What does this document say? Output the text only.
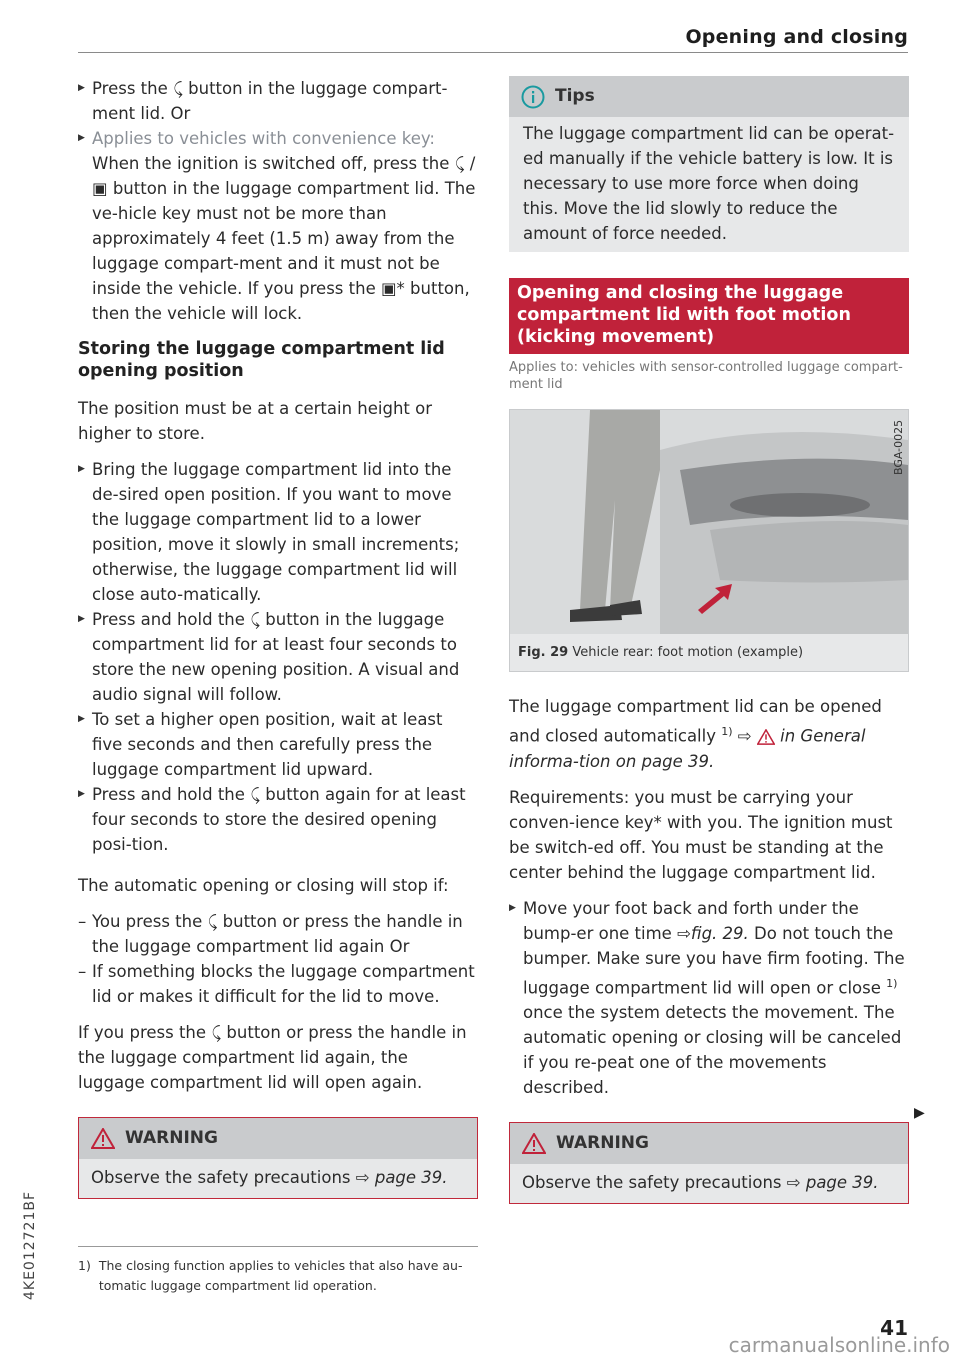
Opening and closing
▶ Press the ⤹ button in the luggage compart-ment lid. Or
▶ Applies to vehicles with convenience key: When the ignition is switched off, press the ⤹ / ▣ button in the luggage compartment lid. The ve-hicle key must not be more than approximately 4 feet (1.5 m) away from the luggage compart-ment and it must not be inside the vehicle. If you press the ▣* button, then the vehicle will lock.
Storing the luggage compartment lid opening position

The position must be at a certain height or higher to store.

▶ Bring the luggage compartment lid into the de-sired open position. If you want to move the luggage compartment lid to a lower position, move it slowly in small increments; otherwise, the luggage compartment lid will close auto-matically.
▶ Press and hold the ⤹ button in the luggage compartment lid for at least four seconds to store the new opening position. A visual and audio signal will follow.
▶ To set a higher open position, wait at least five seconds and then carefully press the luggage compartment lid upward.
▶ Press and hold the ⤹ button again for at least four seconds to store the desired opening posi-tion.

The automatic opening or closing will stop if:

– You press the ⤹ button or press the handle in the luggage compartment lid again Or
– If something blocks the luggage compartment lid or makes it difficult for the lid to move.

If you press the ⤹ button or press the handle in the luggage compartment lid again, the luggage compartment lid will open again.

WARNING
Observe the safety precautions ⇨ page 39.
1) The closing function applies to vehicles that also have au-tomatic luggage compartment lid operation.
Tips
The luggage compartment lid can be operat-ed manually if the vehicle battery is low. It is necessary to use more force when doing this. Move the lid slowly to reduce the amount of force needed.
Opening and closing the luggage compartment lid with foot motion (kicking movement)
Applies to: vehicles with sensor-controlled luggage compart-ment lid
BGA-0025
Fig. 29 Vehicle rear: foot motion (example)

The luggage compartment lid can be opened and closed automatically $^{1)}$ ⇨ in General informa-tion on page 39.

Requirements: you must be carrying your conven-ience key* with you. The ignition must be switch-ed off. You must be standing at the center behind the luggage compartment lid.

▶ Move your foot back and forth under the bump-er one time ⇨fig. 29. Do not touch the bumper. Make sure you have firm footing. The luggage compartment lid will open or close $^{1)}$ once the system detects the movement. The automatic opening or closing will be canceled if you re-peat one of the movements described.
WARNING
Observe the safety precautions ⇨ page 39.
▶
4KE012721BF
41
carmanualsonline.info
